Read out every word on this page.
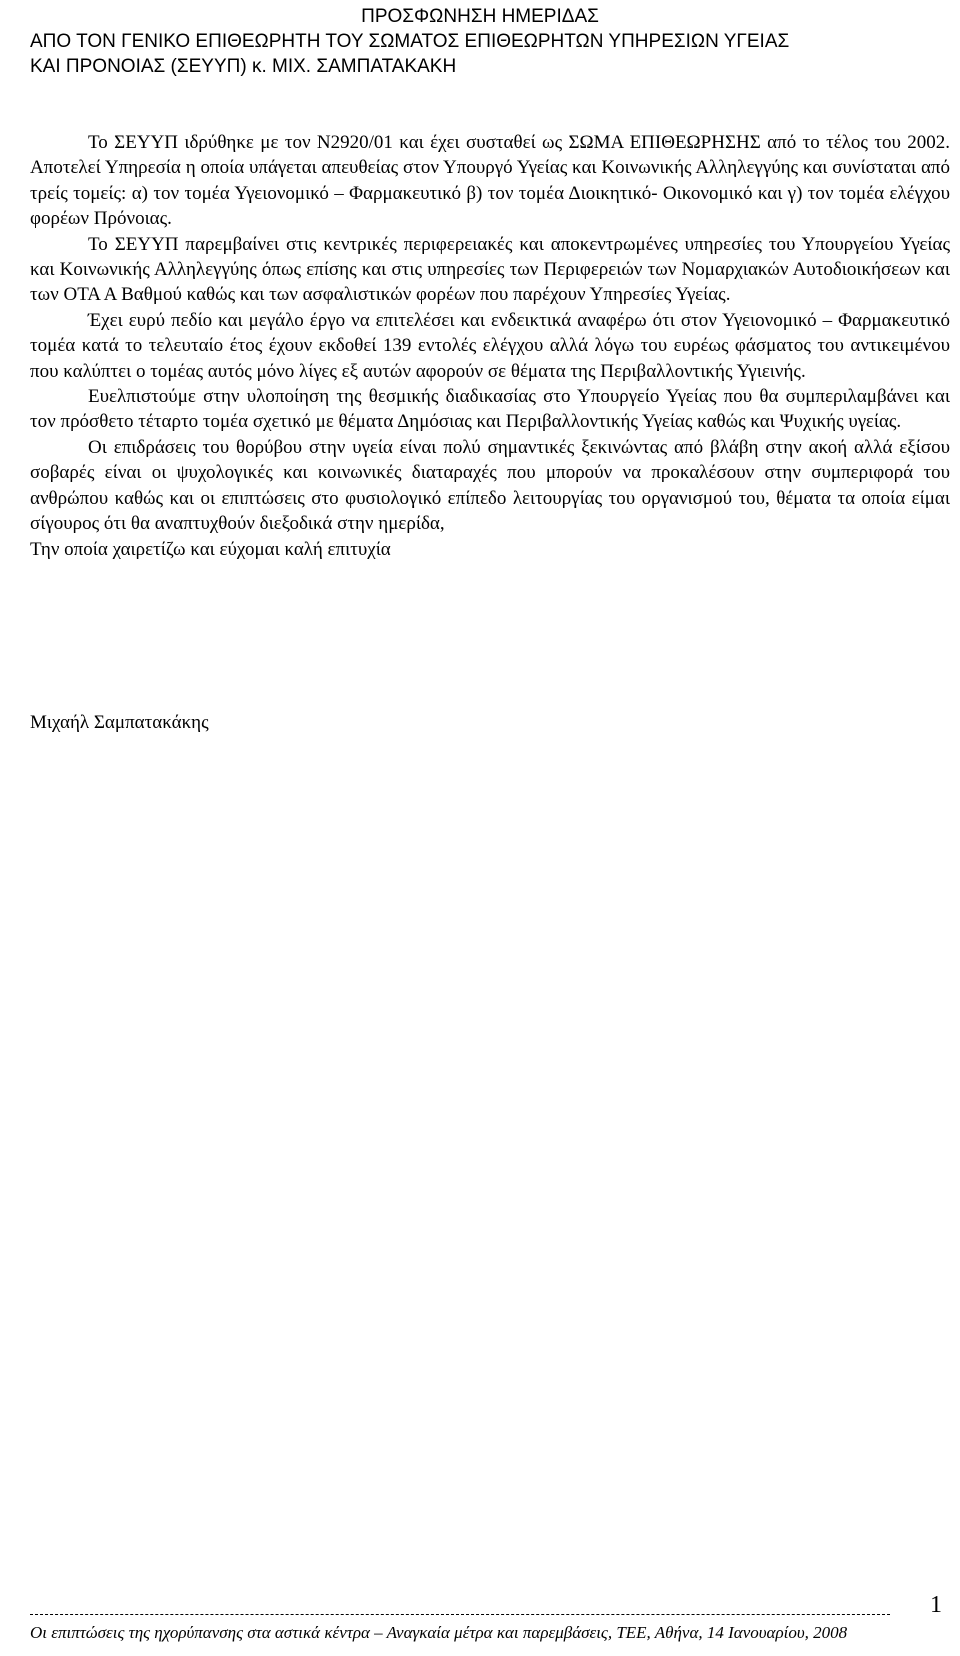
ΠΡΟΣΦΩΝΗΣΗ ΗΜΕΡΙΔΑΣ
ΑΠΟ ΤΟΝ ΓΕΝΙΚΟ ΕΠΙΘΕΩΡΗΤΗ ΤΟΥ ΣΩΜΑΤΟΣ ΕΠΙΘΕΩΡΗΤΩΝ ΥΠΗΡΕΣΙΩΝ ΥΓΕΙΑΣ
ΚΑΙ ΠΡΟΝΟΙΑΣ (ΣΕΥΥΠ) κ. ΜΙΧ. ΣΑΜΠΑΤΑΚΑΚΗ

Το ΣΕΥΥΠ ιδρύθηκε με τον Ν2920/01 και έχει συσταθεί ως ΣΩΜΑ ΕΠΙΘΕΩΡΗΣΗΣ από το τέλος του 2002. Αποτελεί Υπηρεσία η οποία υπάγεται απευθείας στον Υπουργό Υγείας και Κοινωνικής Αλληλεγγύης και συνίσταται από τρείς τομείς: α) τον τομέα Υγειονομικό – Φαρμακευτικό β) τον τομέα Διοικητικό- Οικονομικό και γ) τον τομέα ελέγχου φορέων Πρόνοιας.

Το ΣΕΥΥΠ παρεμβαίνει στις κεντρικές περιφερειακές και αποκεντρωμένες υπηρεσίες του Υπουργείου Υγείας και Κοινωνικής Αλληλεγγύης όπως επίσης και στις υπηρεσίες των Περιφερειών των Νομαρχιακών Αυτοδιοικήσεων και των ΟΤΑ Α Βαθμού καθώς και των ασφαλιστικών φορέων που παρέχουν Υπηρεσίες Υγείας.

Έχει ευρύ πεδίο και μεγάλο έργο να επιτελέσει και ενδεικτικά αναφέρω ότι στον Υγειονομικό – Φαρμακευτικό τομέα κατά το τελευταίο έτος έχουν εκδοθεί 139 εντολές ελέγχου αλλά λόγω του ευρέως φάσματος του αντικειμένου που καλύπτει ο τομέας αυτός μόνο λίγες εξ αυτών αφορούν σε θέματα της Περιβαλλοντικής Υγιεινής.

Ευελπιστούμε στην υλοποίηση της θεσμικής διαδικασίας στο Υπουργείο Υγείας που θα συμπεριλαμβάνει και τον πρόσθετο τέταρτο τομέα σχετικό με θέματα Δημόσιας και Περιβαλλοντικής Υγείας καθώς και Ψυχικής υγείας.

Οι επιδράσεις του θορύβου στην υγεία είναι πολύ σημαντικές ξεκινώντας από βλάβη στην ακοή αλλά εξίσου σοβαρές είναι οι ψυχολογικές και κοινωνικές διαταραχές που μπορούν να προκαλέσουν στην συμπεριφορά του ανθρώπου καθώς και οι επιπτώσεις στο φυσιολογικό επίπεδο λειτουργίας του οργανισμού του, θέματα τα οποία είμαι σίγουρος ότι θα αναπτυχθούν διεξοδικά στην ημερίδα,

Την οποία χαιρετίζω και εύχομαι καλή επιτυχία

Μιχαήλ Σαμπατακάκης
1
Οι επιπτώσεις της ηχορύπανσης στα αστικά κέντρα – Αναγκαία μέτρα και παρεμβάσεις, ΤΕΕ, Αθήνα, 14 Ιανουαρίου, 2008
